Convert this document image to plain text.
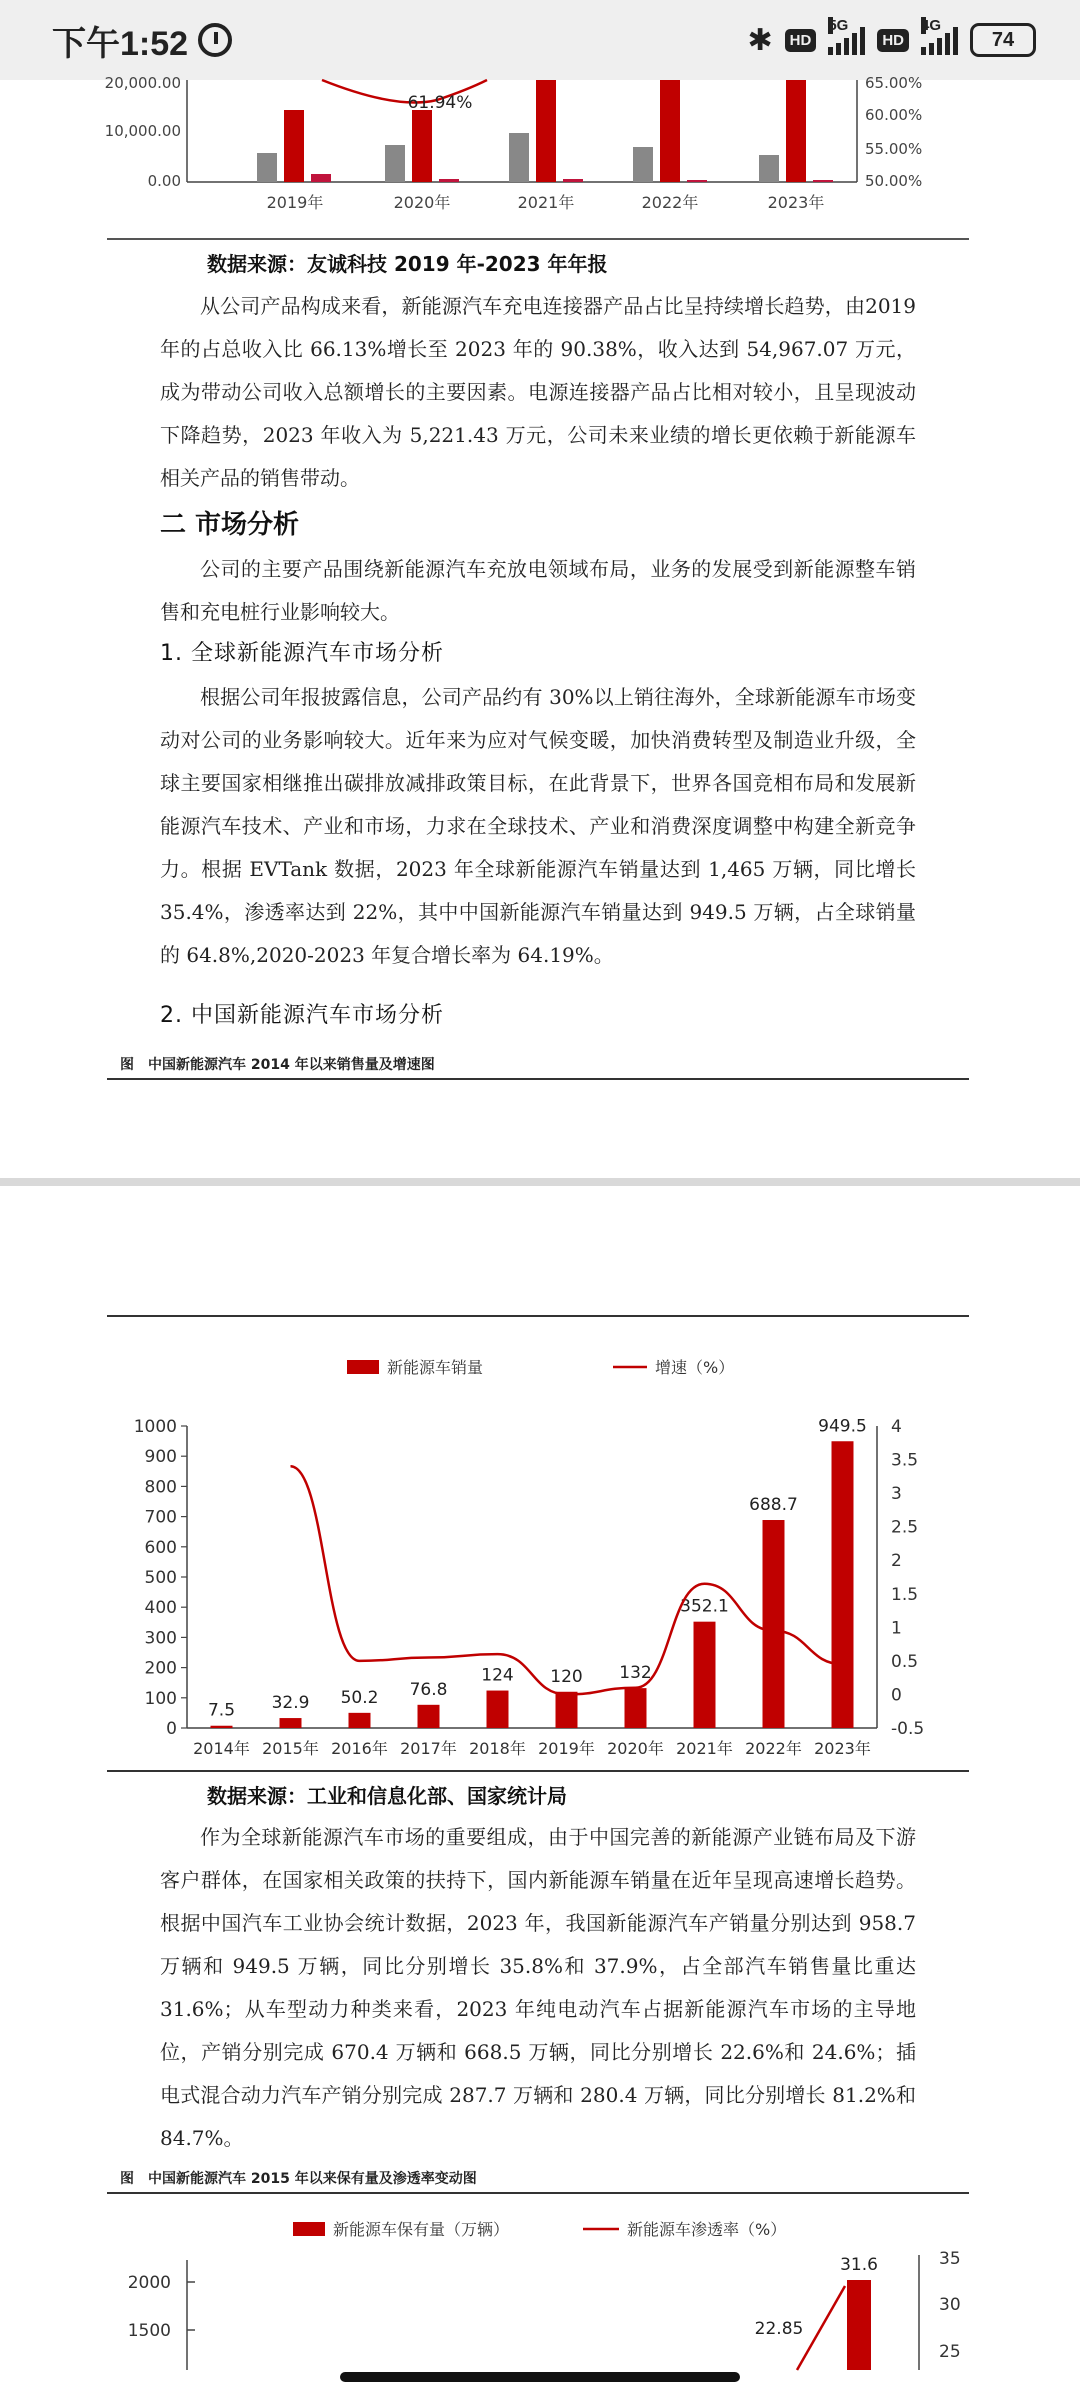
下午1:52	✱	HD
5G
HD
4G
74
20,000.00
10,000.00
0.00
65.00%
60.00%
55.00%
50.00%
61.94%
2019年	2020年	2021年	2022年	2023年
数据来源：友诚科技 2019 年-2023 年年报
从公司产品构成来看，新能源汽车充电连接器产品占比呈持续增长趋势，由2019 年的占总收入比 66.13%增长至 2023 年的 90.38%，收入达到 54,967.07 万元，成为带动公司收入总额增长的主要因素。电源连接器产品占比相对较小，且呈现波动下降趋势，2023 年收入为 5,221.43 万元，公司未来业绩的增长更依赖于新能源车相关产品的销售带动。
二 市场分析
公司的主要产品围绕新能源汽车充放电领域布局，业务的发展受到新能源整车销售和充电桩行业影响较大。
1. 全球新能源汽车市场分析
根据公司年报披露信息，公司产品约有 30%以上销往海外，全球新能源车市场变动对公司的业务影响较大。近年来为应对气候变暖，加快消费转型及制造业升级，全球主要国家相继推出碳排放减排政策目标，在此背景下，世界各国竞相布局和发展新能源汽车技术、产业和市场，力求在全球技术、产业和消费深度调整中构建全新竞争力。根据 EVTank 数据，2023 年全球新能源汽车销量达到 1,465 万辆，同比增长 35.4%，渗透率达到 22%，其中中国新能源汽车销量达到 949.5 万辆，占全球销量的 64.8%,2020-2023 年复合增长率为 64.19%。
2. 中国新能源汽车市场分析
图　中国新能源汽车 2014 年以来销售量及增速图
新能源车销量	增速（%）
0
100
200
300
400
500
600
700
800
900
1000	4
3.5
3
2.5
2
1.5
1
0.5
0
-0.5
7.5
2014年
32.9
2015年
50.2
2016年
76.8
2017年
124
2018年
120
2019年
132
2020年
352.1
2021年
688.7
2022年
949.5
2023年
数据来源：工业和信息化部、国家统计局
作为全球新能源汽车市场的重要组成，由于中国完善的新能源产业链布局及下游客户群体，在国家相关政策的扶持下，国内新能源车销量在近年呈现高速增长趋势。根据中国汽车工业协会统计数据，2023 年，我国新能源汽车产销量分别达到 958.7 万辆和 949.5 万辆，同比分别增长 35.8%和 37.9%，占全部汽车销售量比重达 31.6%；从车型动力种类来看，2023 年纯电动汽车占据新能源汽车市场的主导地位，产销分别完成 670.4 万辆和 668.5 万辆，同比分别增长 22.6%和 24.6%；插电式混合动力汽车产销分别完成 287.7 万辆和 280.4 万辆，同比分别增长 81.2%和 84.7%。
图　中国新能源汽车 2015 年以来保有量及渗透率变动图
新能源车保有量（万辆）	新能源车渗透率（%）
2000
1500
35
30
25
31.6
22.85
